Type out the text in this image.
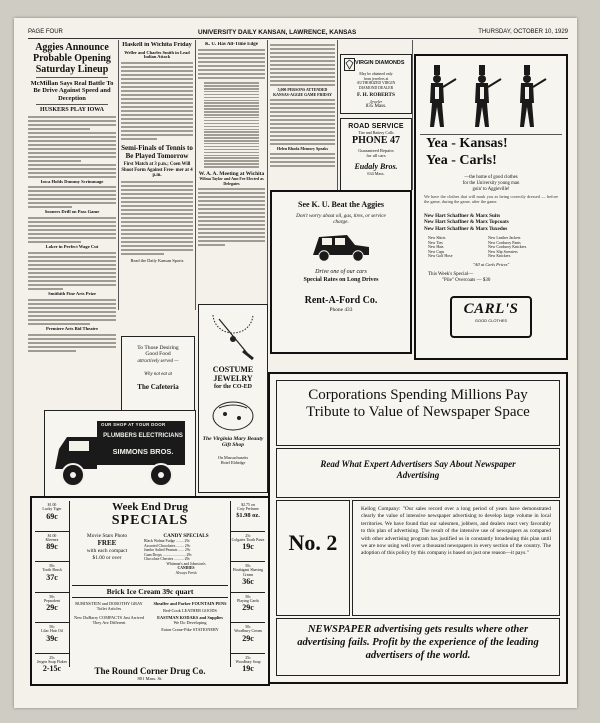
PAGE FOUR	UNIVERSITY DAILY KANSAN, LAWRENCE, KANSAS	THURSDAY, OCTOBER 10, 1929
Aggies Announce Probable Opening Saturday Lineup
McMillan Says Real Battle To Be Drive Against Speed and Deception
HUSKERS PLAY IOWA
Iowa Holds Dummy Scrimmage
Sooners Drill on Pass Game
Loker in Perfect Wage Cut
Smithith Fine Arts Prize
Premiere Arts Bid Theatre
Haskell in Wichita Friday
Weller and Charles Smith in Lead Indian Attack
Semi-Finals of Tennis to Be Played Tomorrow
First Match at 3 p.m.; Coen Will Shoot Form Against Free- mer at 4 p.m.
Read the Daily Kansan Sports
K. U. Has All-Time Edge
W. A. A. Meeting at Wichita
Wilma Taylor and Ann Fee Elected as Delegates
5,000 PERSONS ATTENDED KANSAS-AGGIE GAME FRIDAY
Helen Rhoda Memory Speaks
VIRGIN DIAMONDS
May be obtained only
from jewelers at
AUTHORIZED VIRGIN
DIAMOND DEALER
F. H. ROBERTS
Jeweler
835 Mass.
ROAD SERVICE
Tire and Battery Calls
PHONE 47
Guaranteed Repairs
for all cars
Eudaly Bros.
634 Mass.
Yea - Kansas!
Yea - Carls!
—the home of good clothes
for the University young man
goin' to Aggieville!
We have the clothes that will mark you as being correctly dressed — before the game, during the game, after the game.
New Hart Schaffner & Marx Suits
New Hart Schaffner & Marx Topcoats
New Hart Schaffner & Marx Tuxedos
New Shirts
New Ties
New Hats
New Caps
New Golf Hose
New Leather Jackets
New Corduroy Pants
New Corduroy Knickers
New Slip Sweaters
New Knickers
"All at Carls Prices"
This Week's Special—
"Pile" Overcoats — $30
CARL'S
GOOD CLOTHES
See K. U. Beat the Aggies
Don't worry about oil, gas, tires, or service charge.
Drive one of our cars
Special Rates on Long Drives
Rent-A-Ford Co.
Phone 433
To Those Desiring
Good Food
attractively served —
Why not eat at
The Cafeteria
COSTUME JEWELRY
for the CO-ED
The Virginia Mary Beauty Gift Shop
On Massachusetts
Hotel Eldridge
OUR SHOP AT YOUR DOOR
PLUMBERS ELECTRICIANS
SIMMONS BROS.
$1.00
Lucky Tiger
69c
$1.00
Kleenex
89c
50c
Tooth Brush
37c
50c
Pepsodent
29c
50c
Lilac Hair Oil
39c
25c
Jergen Soap Flakes
2-15c
$2.75 on
Coty Perfume
$1.98 oz.
25c
Colgates Tooth Paste
19c
50c
Houbigant Shaving Cream
36c
50c
Playing Cards
29c
50c
Woodbury Cream
29c
25c
Woodbury Soap
19c
Week End Drug
SPECIALS
Movie Stars Photo
FREE
with each compact
$1.00 or over
CANDY SPECIALS
Black Walnut Fudge ........ 29c
Assorted Chocolates ........ 29c
Jumbo Salted Peanuts ...... 29c
Gum Drops ........................ 29c
Chocolate Cherries .......... 29c
Whitman's and Johnston's
CANDIES
Always Fresh
Brick Ice Cream 39c quart
RUBINSTEIN and DOROTHY GRAY Toilet Articles
New DuBarry COMPACTS Just Arrived They Are Different
Sheaffer and Parker FOUNTAIN PENS
Red-Cook LEATHER GOODS
EASTMAN KODAKS and Supplies
We Do Developing
Eaton Crane-Pike STATIONERY
The Round Corner Drug Co.
801 Mass. St.
Corporations Spending Millions Pay Tribute to Value of Newspaper Space
Read What Expert Advertisers Say About Newspaper Advertising
No. 2
Kellog Company: "Our sales record over a long period of years have demonstrated clearly the value of intensive newspaper advertising to develop large volume in local territories. We have found that our salesmen, jobbers, and dealers react very favorably to this plan of advertising. The result of the intensive use of newspapers as compared with other advertising program has justified us in constantly broadening this plan until we are now using well over a thousand newspapers in every section of the country. The adoption of this policy by this company is based on just one reason—it pays."
NEWSPAPER advertising gets results where other advertising fails. Profit by the experience of the leading advertisers of the world.
